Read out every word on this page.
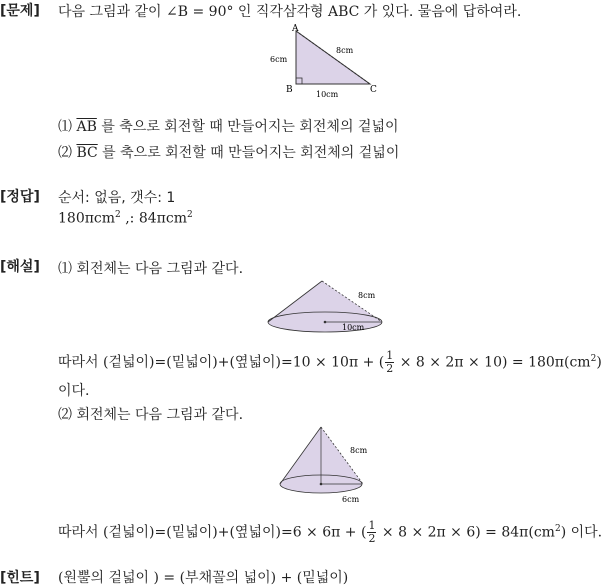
[문제] 다음 그림과 같이 ∠B = 90° 인 직각삼각형 ABC 가 있다. 물음에 답하여라.
A
B	C
6cm
8cm
10cm
⑴ $\overline{AB}$ 를 축으로 회전할 때 만들어지는 회전체의 겉넓이
⑵ $\overline{BC}$ 를 축으로 회전할 때 만들어지는 회전체의 겉넓이
[정답] 순서: 없음, 갯수: 1
180πcm$^2$ ,: 84πcm$^2$
[해설] ⑴ 회전체는 다음 그림과 같다.
8cm
10cm
따라서 (겉넓이)=(밑넓이)+(옆넓이)=10 × 10π + ( $\frac{1}{2} \times 8 \times 2\pi \times 10) = 180\pi(cm^2)$
이다.
⑵ 회전체는 다음 그림과 같다.
8cm
6cm
따라서 (겉넓이)=(밑넓이)+(옆넓이)=6 × 6π + ( $\frac{1}{2} \times 8 \times 2\pi \times 6) = 84\pi(cm^2)$ 이다.
[힌트] (원뿔의 겉넓이 ) = (부채꼴의 넓이) + (밑넓이)
